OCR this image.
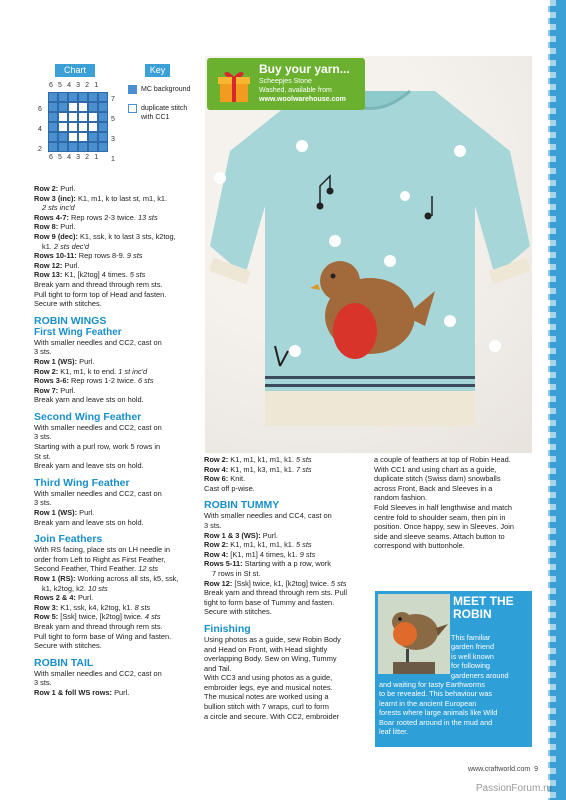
Chart	Key
6 5 4 3 2 1
6 5 4 3 2 1
6
4
2
7
5
3
1
MC background
duplicate stitch
with CC1

Row 2: Purl.

Row 3 (inc): K1, m1, k to last st, m1, k1.

2 sts inc'd

Rows 4-7: Rep rows 2-3 twice. 13 sts

Row 8: Purl.

Row 9 (dec): K1, ssk, k to last 3 sts, k2tog,

k1. 2 sts dec'd

Rows 10-11: Rep rows 8-9. 9 sts

Row 12: Purl.

Row 13: K1, [k2tog] 4 times. 5 sts

Break yarn and thread through rem sts.

Pull tight to form top of Head and fasten.

Secure with stitches.

ROBIN WINGS

First Wing Feather

With smaller needles and CC2, cast on

3 sts.

Row 1 (WS): Purl.

Row 2: K1, m1, k to end. 1 st inc'd

Rows 3-6: Rep rows 1-2 twice. 6 sts

Row 7: Purl.

Break yarn and leave sts on hold.

Second Wing Feather

With smaller needles and CC2, cast on

3 sts.

Starting with a purl row, work 5 rows in

St st.

Break yarn and leave sts on hold.

Third Wing Feather

With smaller needles and CC2, cast on

3 sts.

Row 1 (WS): Purl.

Break yarn and leave sts on hold.

Join Feathers

With RS facing, place sts on LH needle in

order from Left to Right as First Feather,

Second Feather, Third Feather. 12 sts

Row 1 (RS): Working across all sts, k5, ssk,

k1, k2tog, k2. 10 sts

Rows 2 & 4: Purl.

Row 3: K1, ssk, k4, k2tog, k1. 8 sts

Row 5: [Ssk] twice, [k2tog] twice. 4 sts

Break yarn and thread through rem sts.

Pull tight to form base of Wing and fasten.

Secure with stitches.

ROBIN TAIL

With smaller needles and CC2, cast on

3 sts.

Row 1 & foll WS rows: Purl.

Row 2: K1, m1, k1, m1, k1. 5 sts

Row 4: K1, m1, k3, m1, k1. 7 sts

Row 6: Knit.

Cast off p-wise.

ROBIN TUMMY

With smaller needles and CC4, cast on

3 sts.

Row 1 & 3 (WS): Purl.

Row 2: K1, m1, k1, m1, k1. 5 sts

Row 4: [K1, m1] 4 times, k1. 9 sts

Rows 5-11: Starting with a p row, work

7 rows in St st.

Row 12: [Ssk] twice, k1, [k2tog] twice. 5 sts

Break yarn and thread through rem sts. Pull

tight to form base of Tummy and fasten.

Secure with stitches.

Finishing

Using photos as a guide, sew Robin Body

and Head on Front, with Head slightly

overlapping Body. Sew on Wing, Tummy

and Tail.

With CC3 and using photos as a guide,

embroider legs, eye and musical notes.

The musical notes are worked using a

bullion stitch with 7 wraps, curl to form

a circle and secure. With CC2, embroider

a couple of feathers at top of Robin Head.

With CC1 and using chart as a guide,

duplicate stitch (Swiss darn) snowballs

across Front, Back and Sleeves in a

random fashion.

Fold Sleeves in half lengthwise and match

centre fold to shoulder seam, then pin in

position. Once happy, sew in Sleeves. Join

side and sleeve seams. Attach button to

correspond with buttonhole.

Buy your yarn...
Scheepjes Stone
Washed, available from
www.woolwarehouse.com
MEET THE
ROBIN
This familiar
garden friend
is well known
for following
gardeners around
and waiting for tasty Earthworms
to be revealed. This behaviour was
learnt in the ancient European
forests where large animals like Wild
Boar rooted around in the mud and
leaf litter.
www.craftworld.com 9
PassionForum.ru
